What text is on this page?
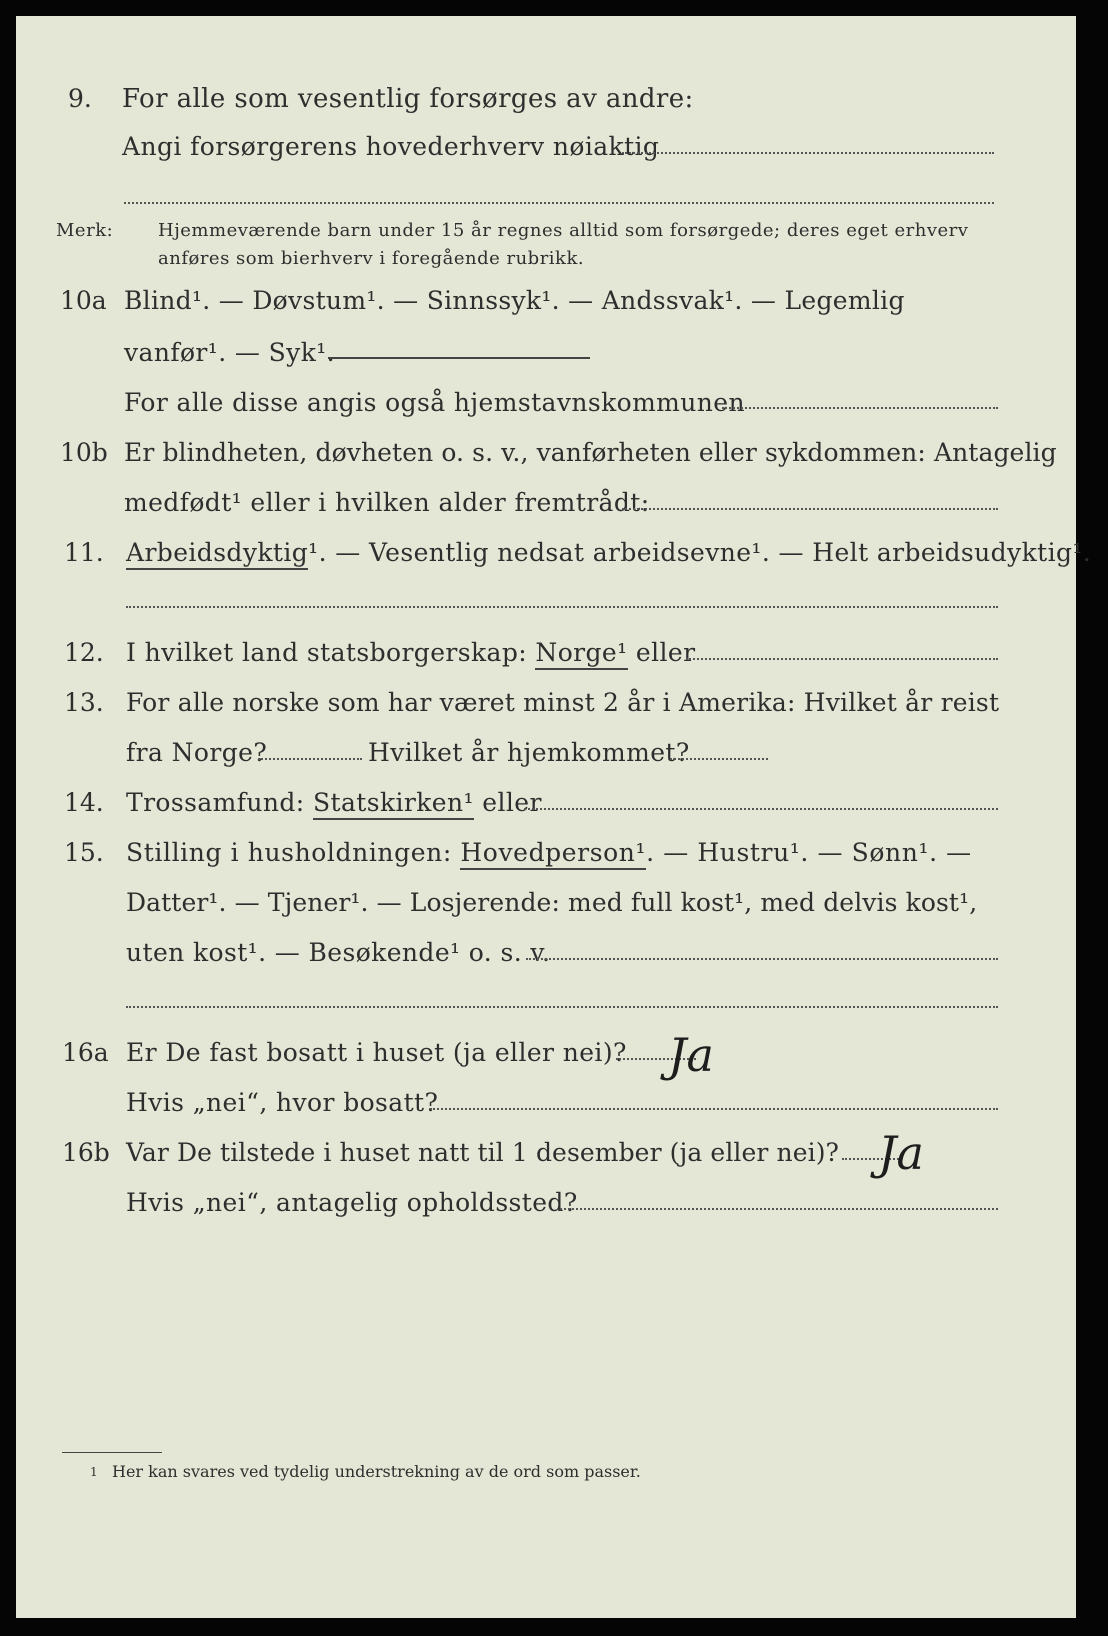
9. For alle som vesentlig forsørges av andre:
Angi forsørgerens hovederhverv nøiaktig
Merk: Hjemmeværende barn under 15 år regnes alltid som forsørgede; deres eget erhverv
anføres som bierhverv i foregående rubrikk.
10a Blind¹. — Døvstum¹. — Sinnssyk¹. — Andssvak¹. — Legemlig
vanfør¹. — Syk¹.
For alle disse angis også hjemstavnskommunen
10b Er blindheten, døvheten o. s. v., vanførheten eller sykdommen: Antagelig
medfødt¹ eller i hvilken alder fremtrådt:
11. Arbeidsdyktig¹. — Vesentlig nedsat arbeidsevne¹. — Helt arbeidsudyktig¹.
12. I hvilket land statsborgerskap: Norge¹ eller
13. For alle norske som har været minst 2 år i Amerika: Hvilket år reist
fra Norge?	Hvilket år hjemkommet?
14. Trossamfund: Statskirken¹ eller
15. Stilling i husholdningen: Hovedperson¹. — Hustru¹. — Sønn¹. —
Datter¹. — Tjener¹. — Losjerende: med full kost¹, med delvis kost¹,
uten kost¹. — Besøkende¹ o. s. v.
16a Er De fast bosatt i huset (ja eller nei)? Ja
Hvis „nei“, hvor bosatt?
16b Var De tilstede i huset natt til 1 desember (ja eller nei)? Ja
Hvis „nei“, antagelig opholdssted?
1 Her kan svares ved tydelig understrekning av de ord som passer.
